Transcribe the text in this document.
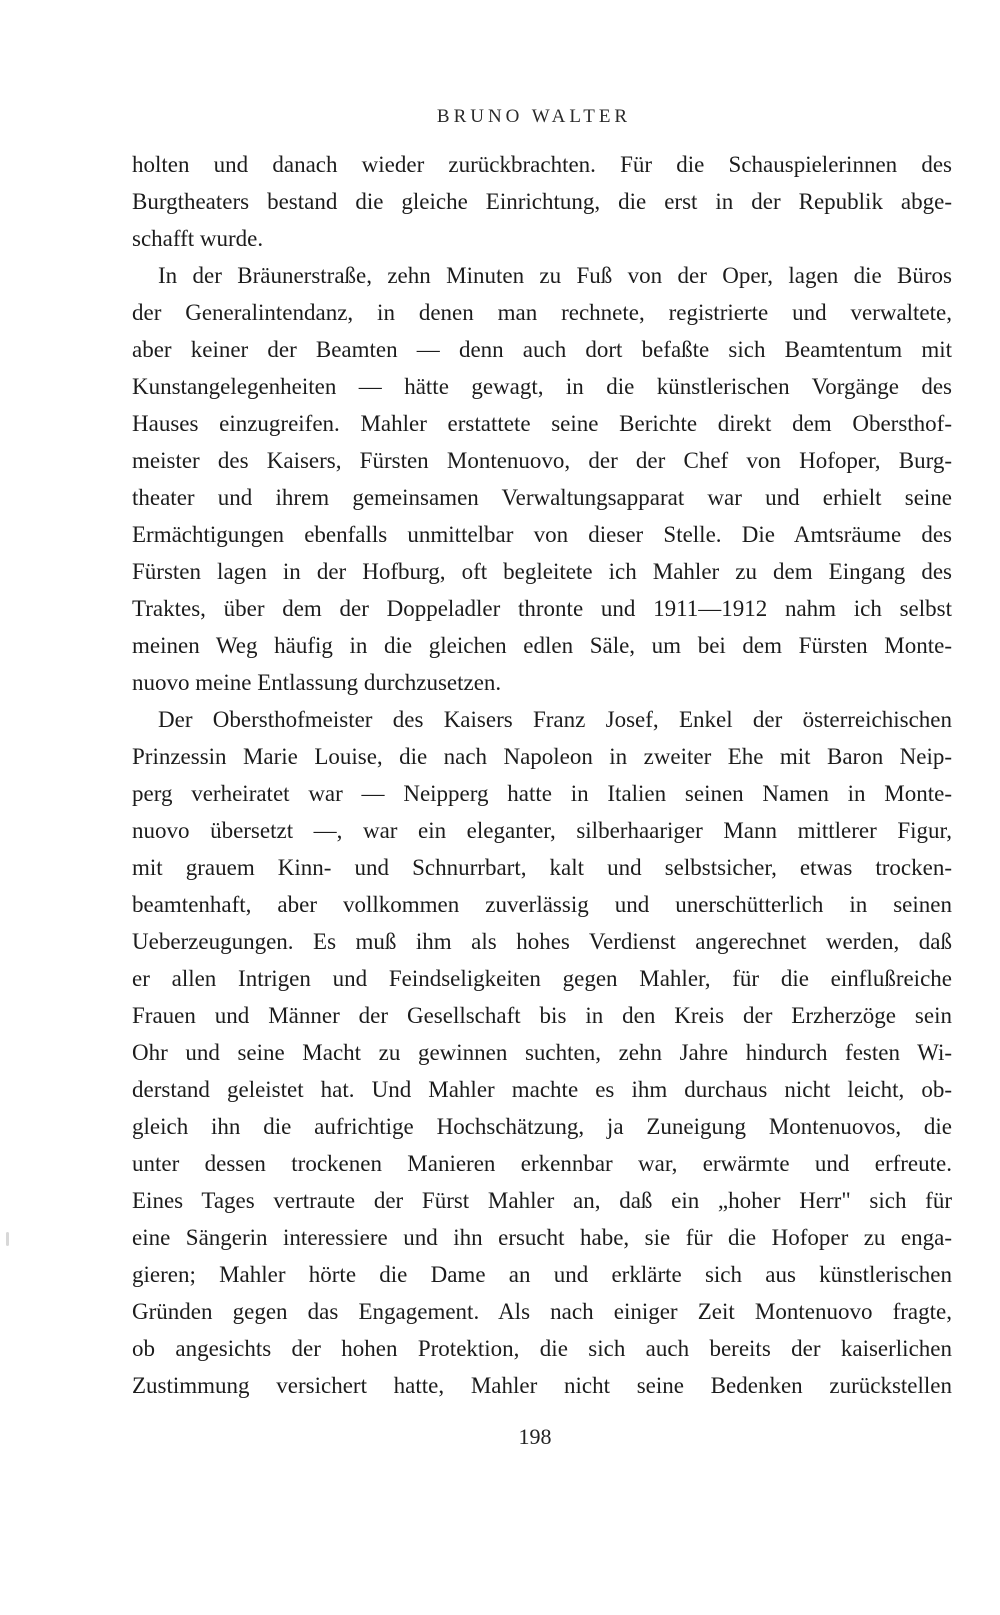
BRUNO WALTER
holten und danach wieder zurückbrachten. Für die Schauspielerinnen des
Burgtheaters bestand die gleiche Einrichtung, die erst in der Republik abge-
schafft wurde.
In der Bräunerstraße, zehn Minuten zu Fuß von der Oper, lagen die Büros
der Generalintendanz, in denen man rechnete, registrierte und verwaltete,
aber keiner der Beamten — denn auch dort befaßte sich Beamtentum mit
Kunstangelegenheiten — hätte gewagt, in die künstlerischen Vorgänge des
Hauses einzugreifen. Mahler erstattete seine Berichte direkt dem Obersthof-
meister des Kaisers, Fürsten Montenuovo, der der Chef von Hofoper, Burg-
theater und ihrem gemeinsamen Verwaltungsapparat war und erhielt seine
Ermächtigungen ebenfalls unmittelbar von dieser Stelle. Die Amtsräume des
Fürsten lagen in der Hofburg, oft begleitete ich Mahler zu dem Eingang des
Traktes, über dem der Doppeladler thronte und 1911—1912 nahm ich selbst
meinen Weg häufig in die gleichen edlen Säle, um bei dem Fürsten Monte-
nuovo meine Entlassung durchzusetzen.
Der Obersthofmeister des Kaisers Franz Josef, Enkel der österreichischen
Prinzessin Marie Louise, die nach Napoleon in zweiter Ehe mit Baron Neip-
perg verheiratet war — Neipperg hatte in Italien seinen Namen in Monte-
nuovo übersetzt —, war ein eleganter, silberhaariger Mann mittlerer Figur,
mit grauem Kinn- und Schnurrbart, kalt und selbstsicher, etwas trocken-
beamtenhaft, aber vollkommen zuverlässig und unerschütterlich in seinen
Ueberzeugungen. Es muß ihm als hohes Verdienst angerechnet werden, daß
er allen Intrigen und Feindseligkeiten gegen Mahler, für die einflußreiche
Frauen und Männer der Gesellschaft bis in den Kreis der Erzherzöge sein
Ohr und seine Macht zu gewinnen suchten, zehn Jahre hindurch festen Wi-
derstand geleistet hat. Und Mahler machte es ihm durchaus nicht leicht, ob-
gleich ihn die aufrichtige Hochschätzung, ja Zuneigung Montenuovos, die
unter dessen trockenen Manieren erkennbar war, erwärmte und erfreute.
Eines Tages vertraute der Fürst Mahler an, daß ein „hoher Herr" sich für
eine Sängerin interessiere und ihn ersucht habe, sie für die Hofoper zu enga-
gieren; Mahler hörte die Dame an und erklärte sich aus künstlerischen
Gründen gegen das Engagement. Als nach einiger Zeit Montenuovo fragte,
ob angesichts der hohen Protektion, die sich auch bereits der kaiserlichen
Zustimmung versichert hatte, Mahler nicht seine Bedenken zurückstellen
198
